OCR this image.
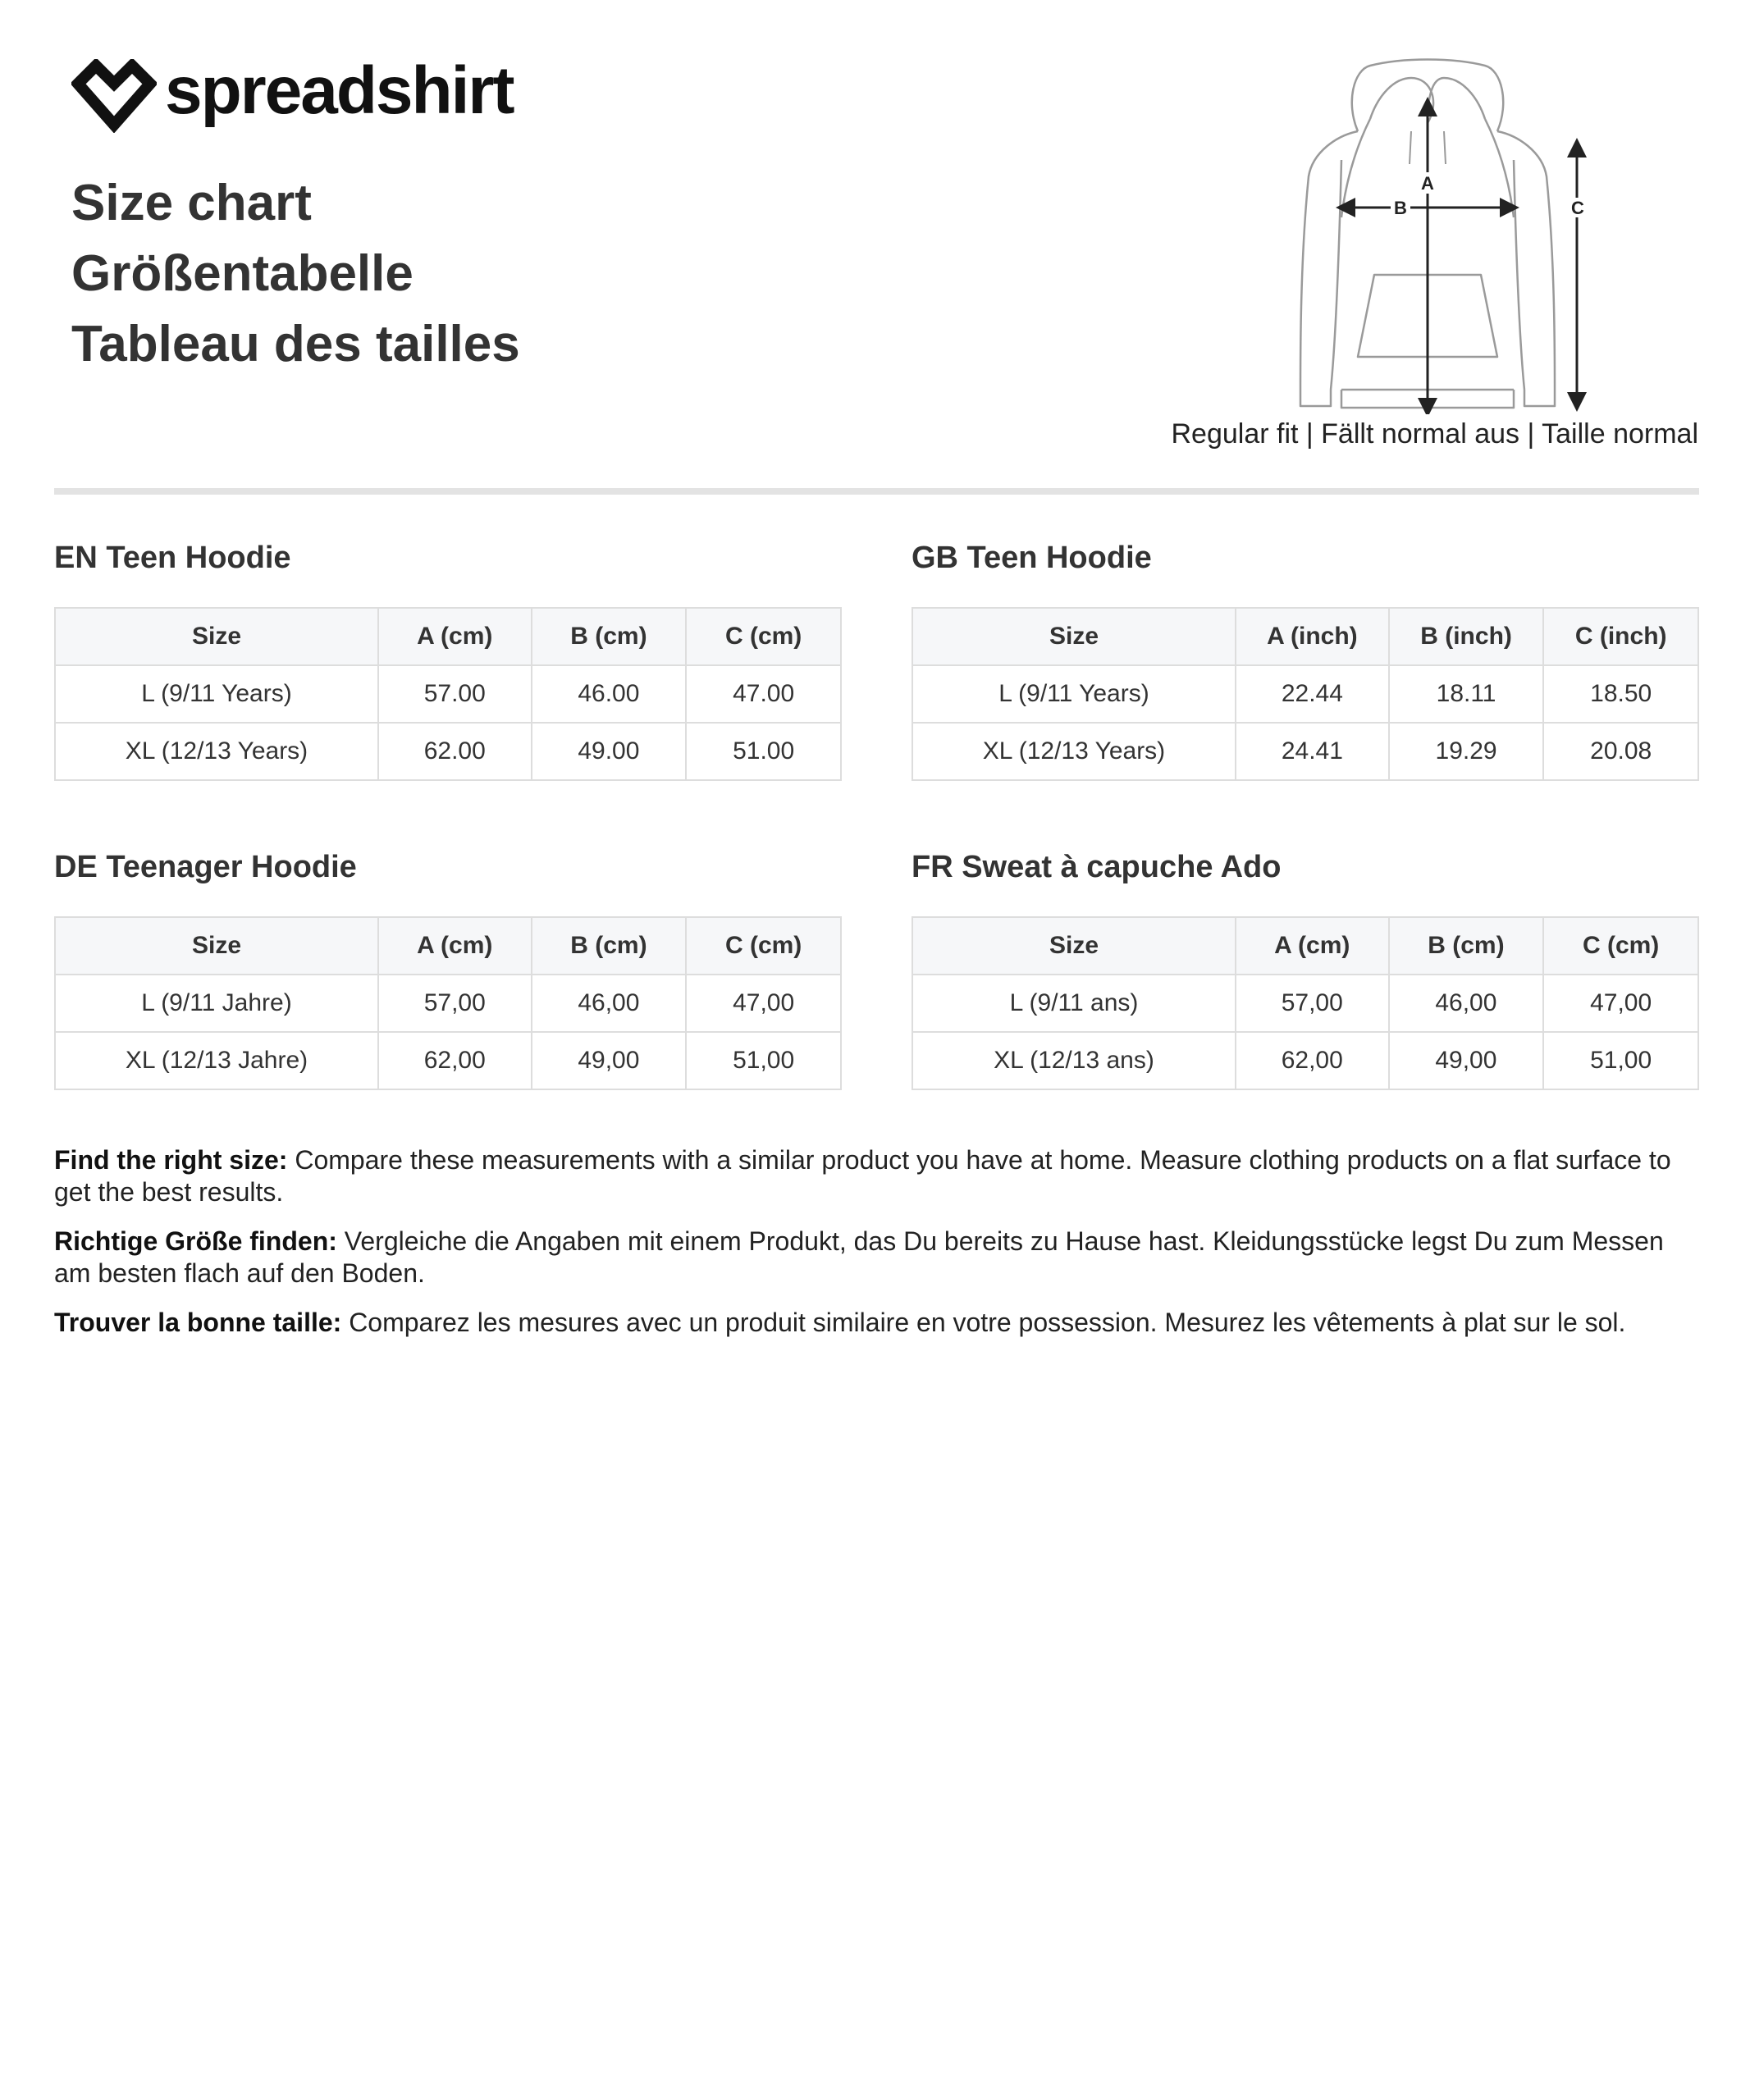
spreadshirt
Size chart
Größentabelle
Tableau des tailles
A
B	C
Regular fit | Fällt normal aus | Taille normal
EN Teen Hoodie
Size	A (cm)	B (cm)	C (cm)
L (9/11 Years)	57.00	46.00	47.00
XL (12/13 Years)	62.00	49.00	51.00
GB Teen Hoodie
Size	A (inch)	B (inch)	C (inch)
L (9/11 Years)	22.44	18.11	18.50
XL (12/13 Years)	24.41	19.29	20.08
DE Teenager Hoodie
Size	A (cm)	B (cm)	C (cm)
L (9/11 Jahre)	57,00	46,00	47,00
XL (12/13 Jahre)	62,00	49,00	51,00
FR Sweat à capuche Ado
Size	A (cm)	B (cm)	C (cm)
L (9/11 ans)	57,00	46,00	47,00
XL (12/13 ans)	62,00	49,00	51,00

Find the right size: Compare these measurements with a similar product you have at home. Measure clothing products on a flat surface to get the best results.

Richtige Größe finden: Vergleiche die Angaben mit einem Produkt, das Du bereits zu Hause hast. Kleidungsstücke legst Du zum Messen am besten flach auf den Boden.

Trouver la bonne taille: Comparez les mesures avec un produit similaire en votre possession. Mesurez les vêtements à plat sur le sol.
